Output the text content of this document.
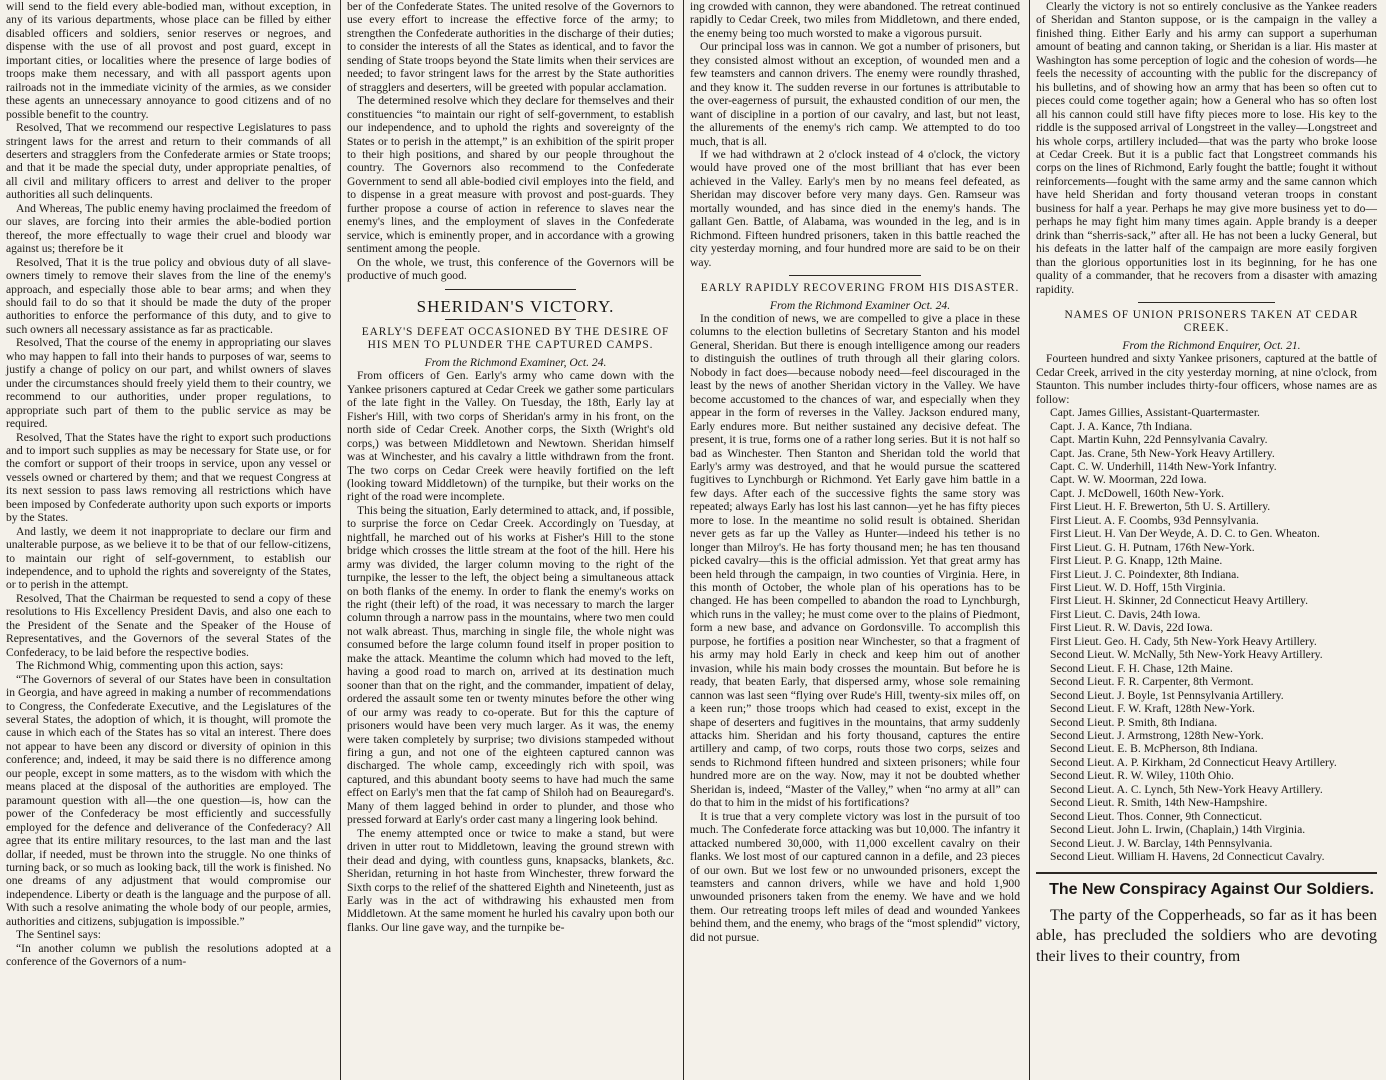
will send to the field every able-bodied man, without exception, in any of its various departments, whose place can be filled by either disabled officers and soldiers, senior reserves or negroes, and dispense with the use of all provost and post guard, except in important cities, or localities where the presence of large bodies of troops make them necessary, and with all passport agents upon railroads not in the immediate vicinity of the armies, as we consider these agents an unnecessary annoyance to good citizens and of no possible benefit to the country.

Resolved, That we recommend our respective Legislatures to pass stringent laws for the arrest and return to their commands of all deserters and stragglers from the Confederate armies or State troops; and that it be made the special duty, under appropriate penalties, of all civil and military officers to arrest and deliver to the proper authorities all such delinquents.

And Whereas, The public enemy having proclaimed the freedom of our slaves, are forcing into their armies the able-bodied portion thereof, the more effectually to wage their cruel and bloody war against us; therefore be it

Resolved, That it is the true policy and obvious duty of all slave-owners timely to remove their slaves from the line of the enemy's approach, and especially those able to bear arms; and when they should fail to do so that it should be made the duty of the proper authorities to enforce the performance of this duty, and to give to such owners all necessary assistance as far as practicable.

Resolved, That the course of the enemy in appropriating our slaves who may happen to fall into their hands to purposes of war, seems to justify a change of policy on our part, and whilst owners of slaves under the circumstances should freely yield them to their country, we recommend to our authorities, under proper regulations, to appropriate such part of them to the public service as may be required.

Resolved, That the States have the right to export such productions and to import such supplies as may be necessary for State use, or for the comfort or support of their troops in service, upon any vessel or vessels owned or chartered by them; and that we request Congress at its next session to pass laws removing all restrictions which have been imposed by Confederate authority upon such exports or imports by the States.

And lastly, we deem it not inappropriate to declare our firm and unalterable purpose, as we believe it to be that of our fellow-citizens, to maintain our right of self-government, to establish our independence, and to uphold the rights and sovereignty of the States, or to perish in the attempt.

Resolved, That the Chairman be requested to send a copy of these resolutions to His Excellency President Davis, and also one each to the President of the Senate and the Speaker of the House of Representatives, and the Governors of the several States of the Confederacy, to be laid before the respective bodies.

The Richmond Whig, commenting upon this action, says:

“The Governors of several of our States have been in consultation in Georgia, and have agreed in making a number of recommendations to Congress, the Confederate Executive, and the Legislatures of the several States, the adoption of which, it is thought, will promote the cause in which each of the States has so vital an interest. There does not appear to have been any discord or diversity of opinion in this conference; and, indeed, it may be said there is no difference among our people, except in some matters, as to the wisdom with which the means placed at the disposal of the authorities are employed. The paramount question with all—the one question—is, how can the power of the Confederacy be most efficiently and successfully employed for the defence and deliverance of the Confederacy? All agree that its entire military resources, to the last man and the last dollar, if needed, must be thrown into the struggle. No one thinks of turning back, or so much as looking back, till the work is finished. No one dreams of any adjustment that would compromise our independence. Liberty or death is the language and the purpose of all. With such a resolve animating the whole body of our people, armies, authorities and citizens, subjugation is impossible.”

The Sentinel says:

“In another column we publish the resolutions adopted at a conference of the Governors of a num-

ber of the Confederate States. The united resolve of the Governors to use every effort to increase the effective force of the army; to strengthen the Confederate authorities in the discharge of their duties; to consider the interests of all the States as identical, and to favor the sending of State troops beyond the State limits when their services are needed; to favor stringent laws for the arrest by the State authorities of stragglers and deserters, will be greeted with popular acclamation.

The determined resolve which they declare for themselves and their constituencies “to maintain our right of self-government, to establish our independence, and to uphold the rights and sovereignty of the States or to perish in the attempt,” is an exhibition of the spirit proper to their high positions, and shared by our people throughout the country. The Governors also recommend to the Confederate Government to send all able-bodied civil employes into the field, and to dispense in a great measure with provost and post-guards. They further propose a course of action in reference to slaves near the enemy's lines, and the employment of slaves in the Confederate service, which is eminently proper, and in accordance with a growing sentiment among the people.

On the whole, we trust, this conference of the Governors will be productive of much good.

SHERIDAN'S VICTORY.

EARLY'S DEFEAT OCCASIONED BY THE DESIRE OF HIS MEN TO PLUNDER THE CAPTURED CAMPS.

From the Richmond Examiner, Oct. 24.

From officers of Gen. Early's army who came down with the Yankee prisoners captured at Cedar Creek we gather some particulars of the late fight in the Valley. On Tuesday, the 18th, Early lay at Fisher's Hill, with two corps of Sheridan's army in his front, on the north side of Cedar Creek. Another corps, the Sixth (Wright's old corps,) was between Middletown and Newtown. Sheridan himself was at Winchester, and his cavalry a little withdrawn from the front. The two corps on Cedar Creek were heavily fortified on the left (looking toward Middletown) of the turnpike, but their works on the right of the road were incomplete.

This being the situation, Early determined to attack, and, if possible, to surprise the force on Cedar Creek. Accordingly on Tuesday, at nightfall, he marched out of his works at Fisher's Hill to the stone bridge which crosses the little stream at the foot of the hill. Here his army was divided, the larger column moving to the right of the turnpike, the lesser to the left, the object being a simultaneous attack on both flanks of the enemy. In order to flank the enemy's works on the right (their left) of the road, it was necessary to march the larger column through a narrow pass in the mountains, where two men could not walk abreast. Thus, marching in single file, the whole night was consumed before the large column found itself in proper position to make the attack. Meantime the column which had moved to the left, having a good road to march on, arrived at its destination much sooner than that on the right, and the commander, impatient of delay, ordered the assault some ten or twenty minutes before the other wing of our army was ready to co-operate. But for this the capture of prisoners would have been very much larger. As it was, the enemy were taken completely by surprise; two divisions stampeded without firing a gun, and not one of the eighteen captured cannon was discharged. The whole camp, exceedingly rich with spoil, was captured, and this abundant booty seems to have had much the same effect on Early's men that the fat camp of Shiloh had on Beauregard's. Many of them lagged behind in order to plunder, and those who pressed forward at Early's order cast many a lingering look behind.

The enemy attempted once or twice to make a stand, but were driven in utter rout to Middletown, leaving the ground strewn with their dead and dying, with countless guns, knapsacks, blankets, &c. Sheridan, returning in hot haste from Winchester, threw forward the Sixth corps to the relief of the shattered Eighth and Nineteenth, just as Early was in the act of withdrawing his exhausted men from Middletown. At the same moment he hurled his cavalry upon both our flanks. Our line gave way, and the turnpike be-

ing crowded with cannon, they were abandoned. The retreat continued rapidly to Cedar Creek, two miles from Middletown, and there ended, the enemy being too much worsted to make a vigorous pursuit.

Our principal loss was in cannon. We got a number of prisoners, but they consisted almost without an exception, of wounded men and a few teamsters and cannon drivers. The enemy were roundly thrashed, and they know it. The sudden reverse in our fortunes is attributable to the over-eagerness of pursuit, the exhausted condition of our men, the want of discipline in a portion of our cavalry, and last, but not least, the allurements of the enemy's rich camp. We attempted to do too much, that is all.

If we had withdrawn at 2 o'clock instead of 4 o'clock, the victory would have proved one of the most brilliant that has ever been achieved in the Valley. Early's men by no means feel defeated, as Sheridan may discover before very many days. Gen. Ramseur was mortally wounded, and has since died in the enemy's hands. The gallant Gen. Battle, of Alabama, was wounded in the leg, and is in Richmond. Fifteen hundred prisoners, taken in this battle reached the city yesterday morning, and four hundred more are said to be on their way.

EARLY RAPIDLY RECOVERING FROM HIS DISASTER.

From the Richmond Examiner Oct. 24.

In the condition of news, we are compelled to give a place in these columns to the election bulletins of Secretary Stanton and his model General, Sheridan. But there is enough intelligence among our readers to distinguish the outlines of truth through all their glaring colors. Nobody in fact does—because nobody need—feel discouraged in the least by the news of another Sheridan victory in the Valley. We have become accustomed to the chances of war, and especially when they appear in the form of reverses in the Valley. Jackson endured many, Early endures more. But neither sustained any decisive defeat. The present, it is true, forms one of a rather long series. But it is not half so bad as Winchester. Then Stanton and Sheridan told the world that Early's army was destroyed, and that he would pursue the scattered fugitives to Lynchburgh or Richmond. Yet Early gave him battle in a few days. After each of the successive fights the same story was repeated; always Early has lost his last cannon—yet he has fifty pieces more to lose. In the meantime no solid result is obtained. Sheridan never gets as far up the Valley as Hunter—indeed his tether is no longer than Milroy's. He has forty thousand men; he has ten thousand picked cavalry—this is the official admission. Yet that great army has been held through the campaign, in two counties of Virginia. Here, in this month of October, the whole plan of his operations has to be changed. He has been compelled to abandon the road to Lynchburgh, which runs in the valley; he must come over to the plains of Piedmont, form a new base, and advance on Gordonsville. To accomplish this purpose, he fortifies a position near Winchester, so that a fragment of his army may hold Early in check and keep him out of another invasion, while his main body crosses the mountain. But before he is ready, that beaten Early, that dispersed army, whose sole remaining cannon was last seen “flying over Rude's Hill, twenty-six miles off, on a keen run;” those troops which had ceased to exist, except in the shape of deserters and fugitives in the mountains, that army suddenly attacks him. Sheridan and his forty thousand, captures the entire artillery and camp, of two corps, routs those two corps, seizes and sends to Richmond fifteen hundred and sixteen prisoners; while four hundred more are on the way. Now, may it not be doubted whether Sheridan is, indeed, “Master of the Valley,” when “no army at all” can do that to him in the midst of his fortifications?

It is true that a very complete victory was lost in the pursuit of too much. The Confederate force attacking was but 10,000. The infantry it attacked numbered 30,000, with 11,000 excellent cavalry on their flanks. We lost most of our captured cannon in a defile, and 23 pieces of our own. But we lost few or no unwounded prisoners, except the teamsters and cannon drivers, while we have and hold 1,900 unwounded prisoners taken from the enemy. We have and we hold them. Our retreating troops left miles of dead and wounded Yankees behind them, and the enemy, who brags of the “most splendid” victory, did not pursue.

Clearly the victory is not so entirely conclusive as the Yankee readers of Sheridan and Stanton suppose, or is the campaign in the valley a finished thing. Either Early and his army can support a superhuman amount of beating and cannon taking, or Sheridan is a liar. His master at Washington has some perception of logic and the cohesion of words—he feels the necessity of accounting with the public for the discrepancy of his bulletins, and of showing how an army that has been so often cut to pieces could come together again; how a General who has so often lost all his cannon could still have fifty pieces more to lose. His key to the riddle is the supposed arrival of Longstreet in the valley—Longstreet and his whole corps, artillery included—that was the party who broke loose at Cedar Creek. But it is a public fact that Longstreet commands his corps on the lines of Richmond, Early fought the battle; fought it without reinforcements—fought with the same army and the same cannon which have held Sheridan and forty thousand veteran troops in constant business for half a year. Perhaps he may give more business yet to do—perhaps he may fight him many times again. Apple brandy is a deeper drink than “sherris-sack,” after all. He has not been a lucky General, but his defeats in the latter half of the campaign are more easily forgiven than the glorious opportunities lost in its beginning, for he has one quality of a commander, that he recovers from a disaster with amazing rapidity.

NAMES OF UNION PRISONERS TAKEN AT CEDAR CREEK.

From the Richmond Enquirer, Oct. 21.

Fourteen hundred and sixty Yankee prisoners, captured at the battle of Cedar Creek, arrived in the city yesterday morning, at nine o'clock, from Staunton. This number includes thirty-four officers, whose names are as follow:

Capt. James Gillies, Assistant-Quartermaster.

Capt. J. A. Kance, 7th Indiana.

Capt. Martin Kuhn, 22d Pennsylvania Cavalry.

Capt. Jas. Crane, 5th New-York Heavy Artillery.

Capt. C. W. Underhill, 114th New-York Infantry.

Capt. W. W. Moorman, 22d Iowa.

Capt. J. McDowell, 160th New-York.

First Lieut. H. F. Brewerton, 5th U. S. Artillery.

First Lieut. A. F. Coombs, 93d Pennsylvania.

First Lieut. H. Van Der Weyde, A. D. C. to Gen. Wheaton.

First Lieut. G. H. Putnam, 176th New-York.

First Lieut. P. G. Knapp, 12th Maine.

First Lieut. J. C. Poindexter, 8th Indiana.

First Lieut. W. D. Hoff, 15th Virginia.

First Lieut. H. Skinner, 2d Connecticut Heavy Artillery.

First Lieut. C. Davis, 24th Iowa.

First Lieut. R. W. Davis, 22d Iowa.

First Lieut. Geo. H. Cady, 5th New-York Heavy Artillery.

Second Lieut. W. McNally, 5th New-York Heavy Artillery.

Second Lieut. F. H. Chase, 12th Maine.

Second Lieut. F. R. Carpenter, 8th Vermont.

Second Lieut. J. Boyle, 1st Pennsylvania Artillery.

Second Lieut. F. W. Kraft, 128th New-York.

Second Lieut. P. Smith, 8th Indiana.

Second Lieut. J. Armstrong, 128th New-York.

Second Lieut. E. B. McPherson, 8th Indiana.

Second Lieut. A. P. Kirkham, 2d Connecticut Heavy Artillery.

Second Lieut. R. W. Wiley, 110th Ohio.

Second Lieut. A. C. Lynch, 5th New-York Heavy Artillery.

Second Lieut. R. Smith, 14th New-Hampshire.

Second Lieut. Thos. Conner, 9th Connecticut.

Second Lieut. John L. Irwin, (Chaplain,) 14th Virginia.

Second Lieut. J. W. Barclay, 14th Pennsylvania.

Second Lieut. William H. Havens, 2d Connecticut Cavalry.

The New Conspiracy Against Our Soldiers.

The party of the Copperheads, so far as it has been able, has precluded the soldiers who are devoting their lives to their country, from
